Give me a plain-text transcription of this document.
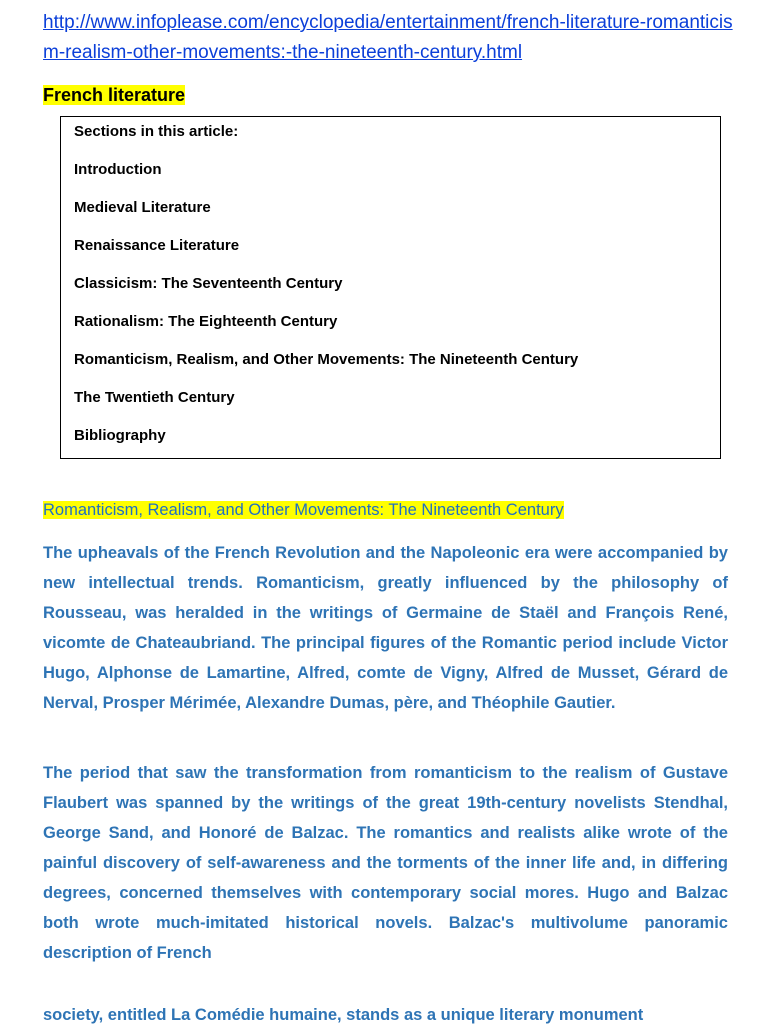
http://www.infoplease.com/encyclopedia/entertainment/french-literature-romanticism-realism-other-movements:-the-nineteenth-century.html
French literature
Sections in this article:
Introduction
Medieval Literature
Renaissance Literature
Classicism: The Seventeenth Century
Rationalism: The Eighteenth Century
Romanticism, Realism, and Other Movements: The Nineteenth Century
The Twentieth Century
Bibliography
Romanticism, Realism, and Other Movements: The Nineteenth Century

The upheavals of the French Revolution and the Napoleonic era were accompanied by new intellectual trends. Romanticism, greatly influenced by the philosophy of Rousseau, was heralded in the writings of Germaine de Staël and François René, vicomte de Chateaubriand. The principal figures of the Romantic period include Victor Hugo, Alphonse de Lamartine, Alfred, comte de Vigny, Alfred de Musset, Gérard de Nerval, Prosper Mérimée, Alexandre Dumas, père, and Théophile Gautier.

The period that saw the transformation from romanticism to the realism of Gustave Flaubert was spanned by the writings of the great 19th-century novelists Stendhal, George Sand, and Honoré de Balzac. The romantics and realists alike wrote of the painful discovery of self-awareness and the torments of the inner life and, in differing degrees, concerned themselves with contemporary social mores. Hugo and Balzac both wrote much-imitated historical novels. Balzac's multivolume panoramic description of French

society, entitled La Comédie humaine, stands as a unique literary monument
